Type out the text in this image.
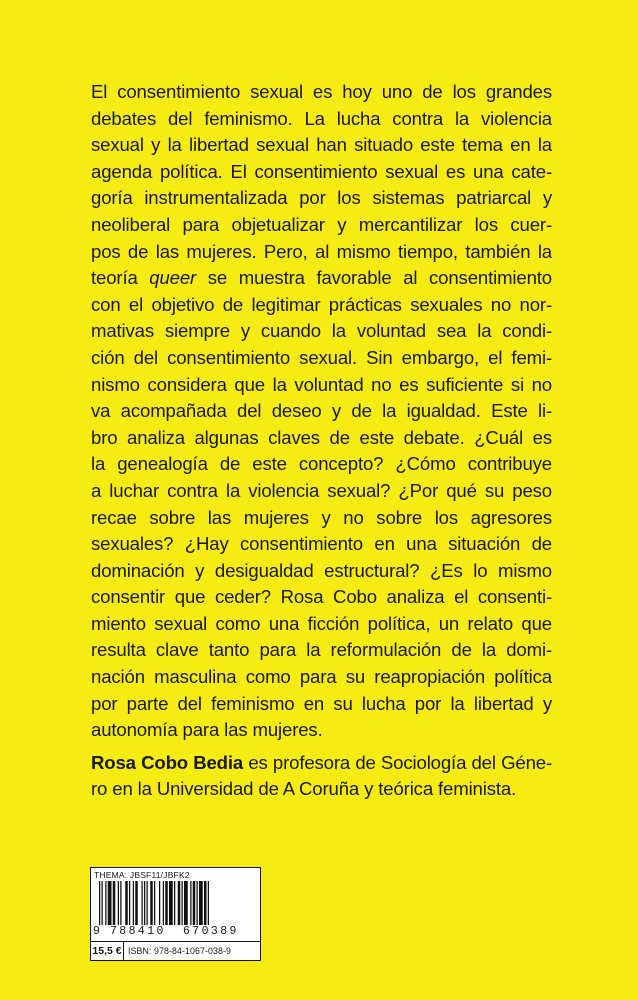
El consentimiento sexual es hoy uno de los grandes
debates del feminismo. La lucha contra la violencia
sexual y la libertad sexual han situado este tema en la
agenda política. El consentimiento sexual es una cate-
goría instrumentalizada por los sistemas patriarcal y
neoliberal para objetualizar y mercantilizar los cuer-
pos de las mujeres. Pero, al mismo tiempo, también la
teoría queer se muestra favorable al consentimiento
con el objetivo de legitimar prácticas sexuales no nor-
mativas siempre y cuando la voluntad sea la condi-
ción del consentimiento sexual. Sin embargo, el femi-
nismo considera que la voluntad no es suficiente si no
va acompañada del deseo y de la igualdad. Este li-
bro analiza algunas claves de este debate. ¿Cuál es
la genealogía de este concepto? ¿Cómo contribuye
a luchar contra la violencia sexual? ¿Por qué su peso
recae sobre las mujeres y no sobre los agresores
sexuales? ¿Hay consentimiento en una situación de
dominación y desigualdad estructural? ¿Es lo mismo
consentir que ceder? Rosa Cobo analiza el consenti-
miento sexual como una ficción política, un relato que
resulta clave tanto para la reformulación de la domi-
nación masculina como para su reapropiación política
por parte del feminismo en su lucha por la libertad y
autonomía para las mujeres.
Rosa Cobo Bedia es profesora de Sociología del Géne-
ro en la Universidad de A Coruña y teórica feminista.
THEMA: JBSF11/JBFK2
9 788410 670389
15,5 € ISBN: 978-84-1067-038-9
